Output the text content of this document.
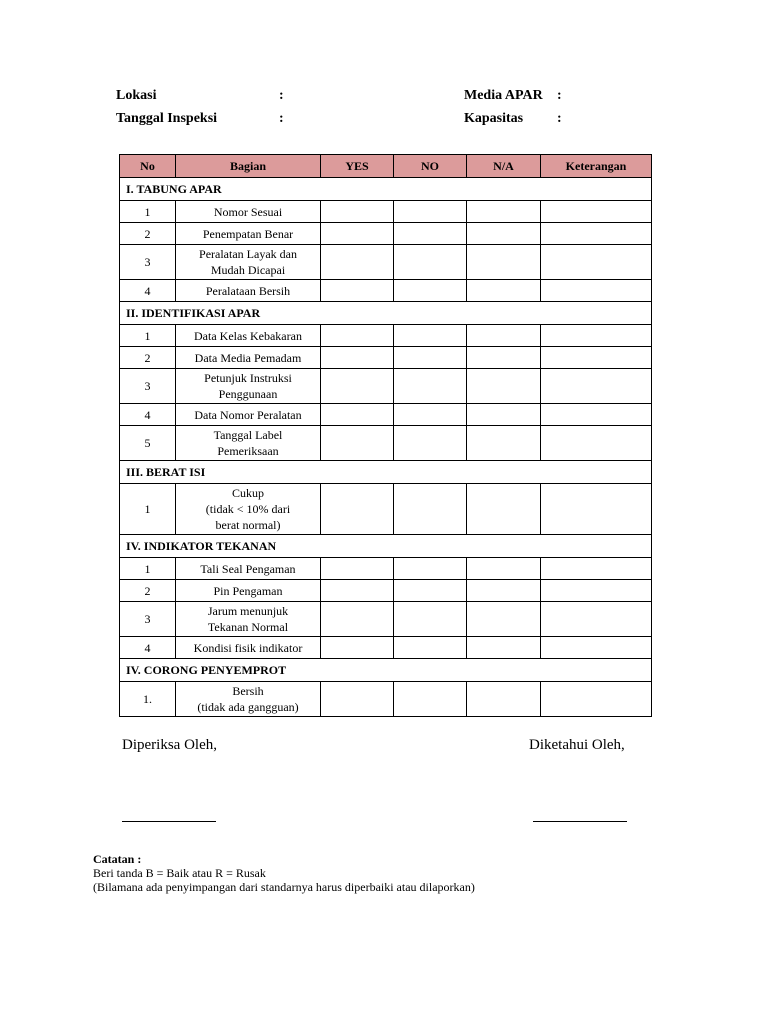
Lokasi	:
Tanggal Inspeksi	:
Media APAR :
Kapasitas :
No	Bagian	YES	NO	N/A	Keterangan
I. TABUNG APAR					
1	Nomor Sesuai				
2	Penempatan Benar				
3	Peralatan Layak dan
Mudah Dicapai				
4	Peralataan Bersih				
II. IDENTIFIKASI APAR					
1	Data Kelas Kebakaran				
2	Data Media Pemadam				
3	Petunjuk Instruksi
Penggunaan				
4	Data Nomor Peralatan				
5	Tanggal Label
Pemeriksaan				
III. BERAT ISI					
1	Cukup
(tidak < 10% dari
berat normal)				
IV. INDIKATOR TEKANAN					
1	Tali Seal Pengaman				
2	Pin Pengaman				
3	Jarum menunjuk
Tekanan Normal				
4	Kondisi fisik indikator				
IV. CORONG PENYEMPROT					
1.	Bersih
(tidak ada gangguan)				
Diperiksa Oleh,	Diketahui Oleh,
Catatan :
Beri tanda B = Baik atau R = Rusak
(Bilamana ada penyimpangan dari standarnya harus diperbaiki atau dilaporkan)
